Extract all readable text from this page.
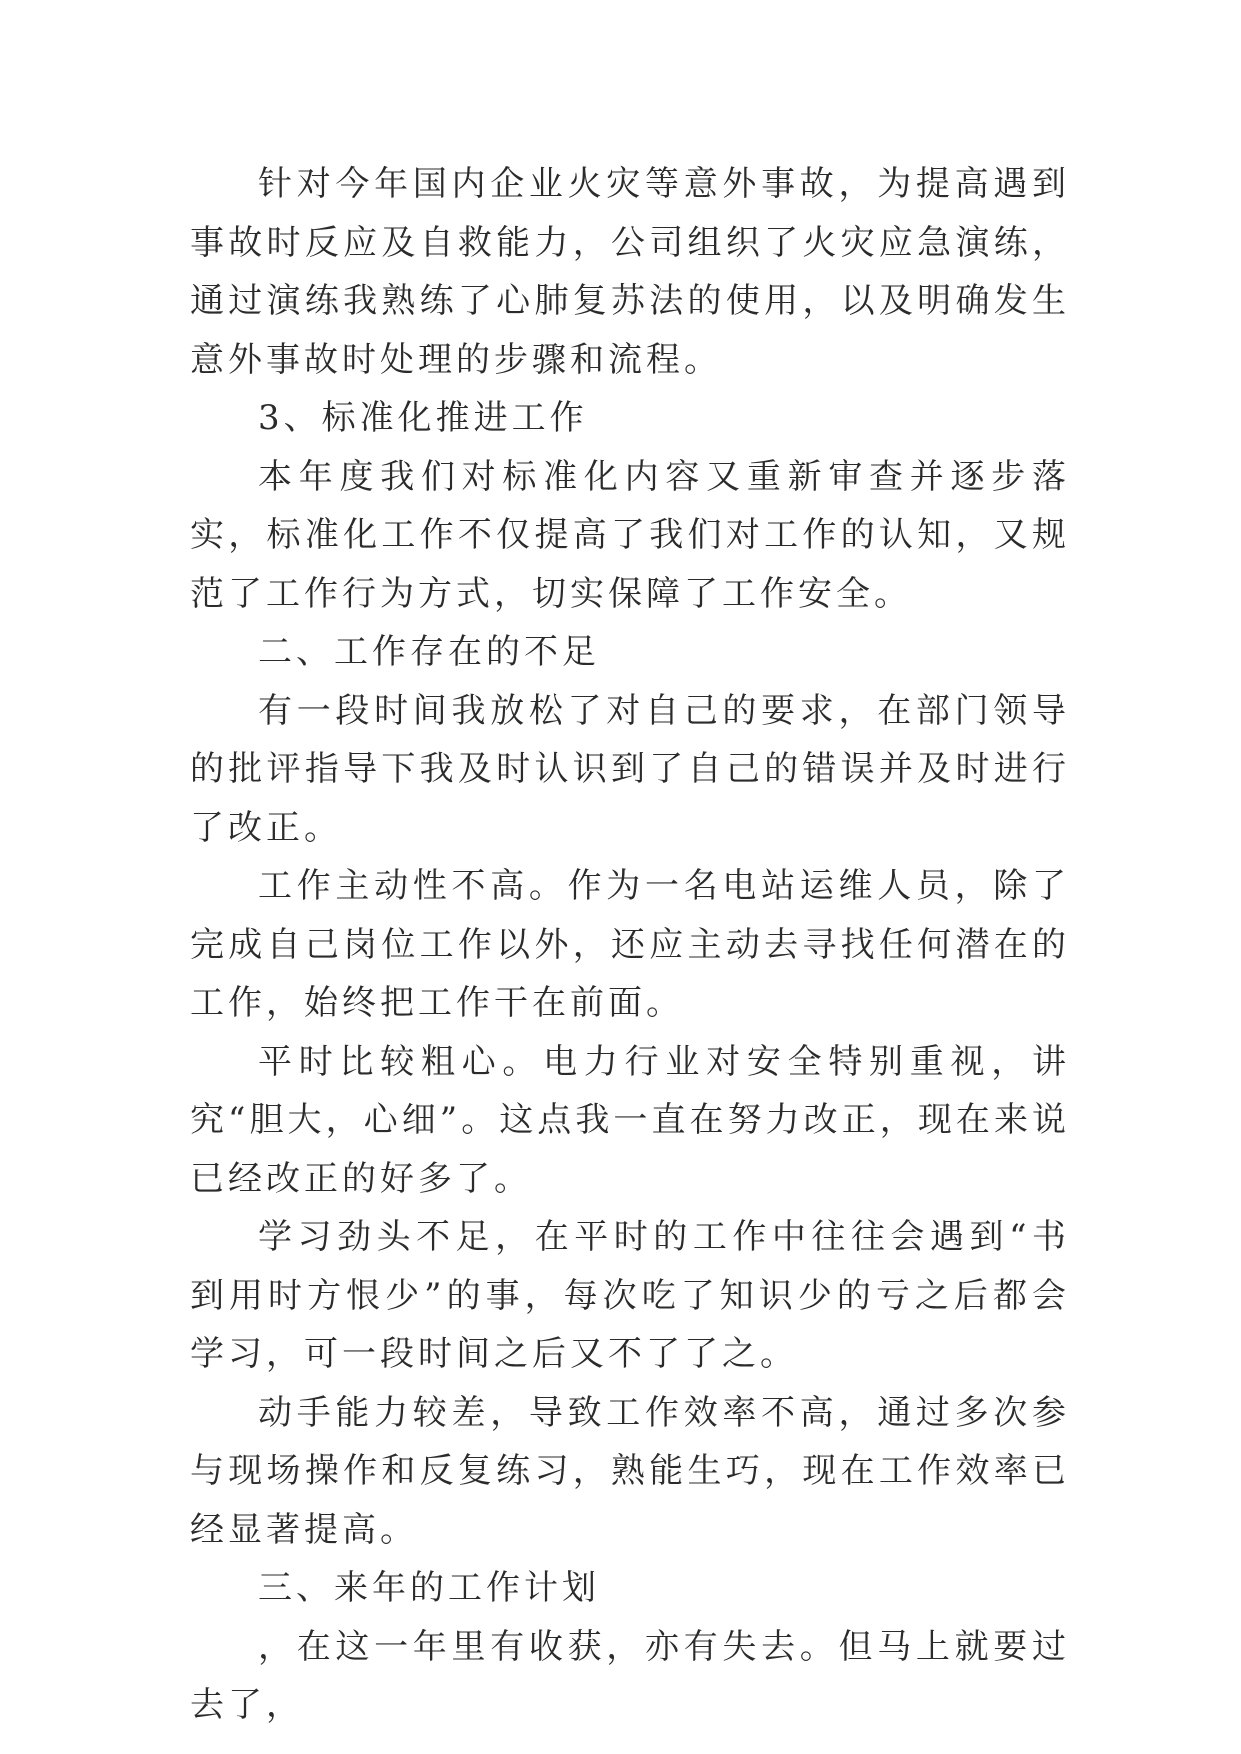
针对今年国内企业火灾等意外事故，为提高遇到事故时反应及自救能力，公司组织了火灾应急演练，通过演练我熟练了心肺复苏法的使用，以及明确发生意外事故时处理的步骤和流程。

3、标准化推进工作

本年度我们对标准化内容又重新审查并逐步落实，标准化工作不仅提高了我们对工作的认知，又规范了工作行为方式，切实保障了工作安全。

二、工作存在的不足

有一段时间我放松了对自己的要求，在部门领导的批评指导下我及时认识到了自己的错误并及时进行了改正。

工作主动性不高。作为一名电站运维人员，除了完成自己岗位工作以外，还应主动去寻找任何潜在的工作，始终把工作干在前面。

平时比较粗心。电力行业对安全特别重视，讲究“胆大，心细”。这点我一直在努力改正，现在来说已经改正的好多了。

学习劲头不足，在平时的工作中往往会遇到“书到用时方恨少”的事，每次吃了知识少的亏之后都会学习，可一段时间之后又不了了之。

动手能力较差，导致工作效率不高，通过多次参与现场操作和反复练习，熟能生巧，现在工作效率已经显著提高。

三、来年的工作计划

，在这一年里有收获，亦有失去。但马上就要过去了，
